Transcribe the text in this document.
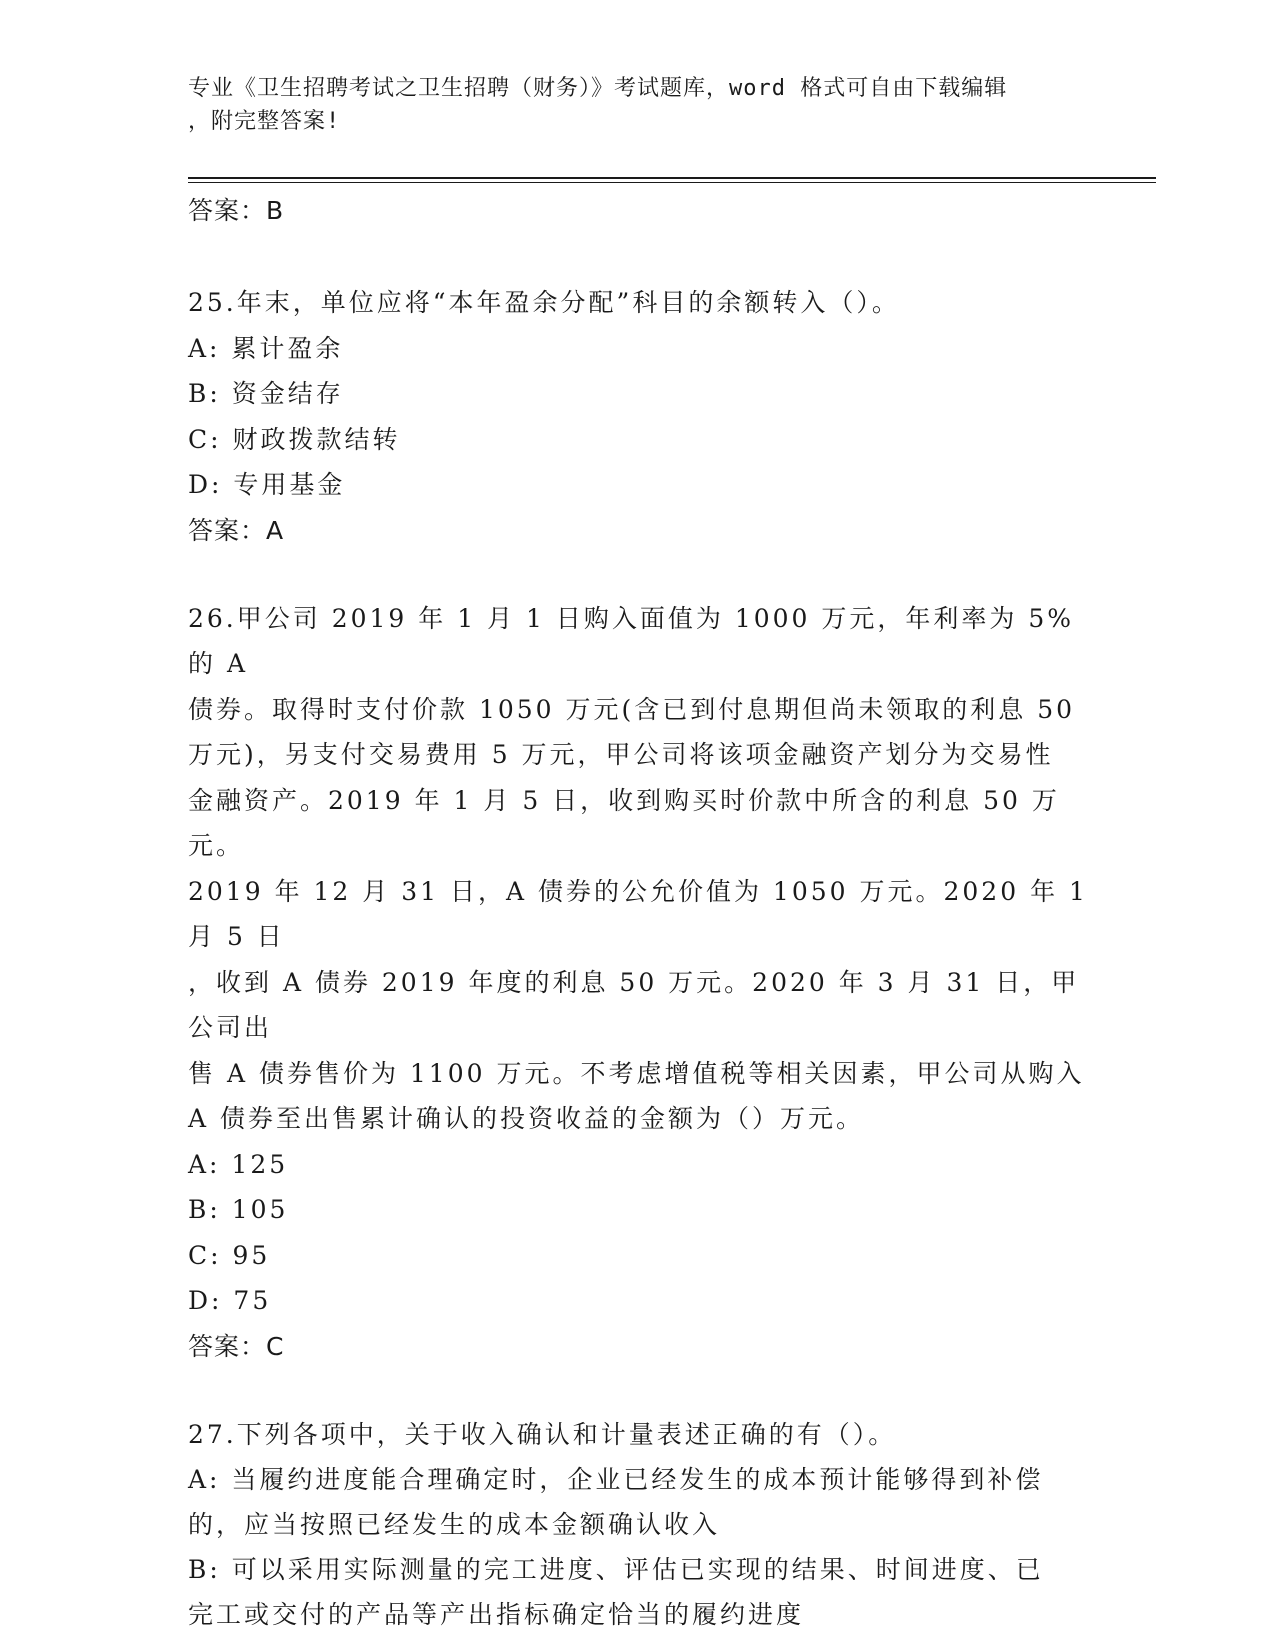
专业《卫生招聘考试之卫生招聘（财务）》考试题库，word 格式可自由下载编辑
，附完整答案!

答案：B

25.年末，单位应将“本年盈余分配”科目的余额转入（）。

A: 累计盈余

B: 资金结存

C: 财政拨款结转

D: 专用基金

答案：A

26.甲公司 2019 年 1 月 1 日购入面值为 1000 万元，年利率为 5%的 A

债券。取得时支付价款 1050 万元(含已到付息期但尚未领取的利息 50

万元)，另支付交易费用 5 万元，甲公司将该项金融资产划分为交易性

金融资产。2019 年 1 月 5 日，收到购买时价款中所含的利息 50 万元。

2019 年 12 月 31 日，A 债券的公允价值为 1050 万元。2020 年 1 月 5 日

，收到 A 债券 2019 年度的利息 50 万元。2020 年 3 月 31 日，甲公司出

售 A 债券售价为 1100 万元。不考虑增值税等相关因素，甲公司从购入

A 债券至出售累计确认的投资收益的金额为（）万元。

A: 125

B: 105

C: 95

D: 75

答案：C

27.下列各项中，关于收入确认和计量表述正确的有（）。

A: 当履约进度能合理确定时，企业已经发生的成本预计能够得到补偿

的，应当按照已经发生的成本金额确认收入

B: 可以采用实际测量的完工进度、评估已实现的结果、时间进度、已

完工或交付的产品等产出指标确定恰当的履约进度
